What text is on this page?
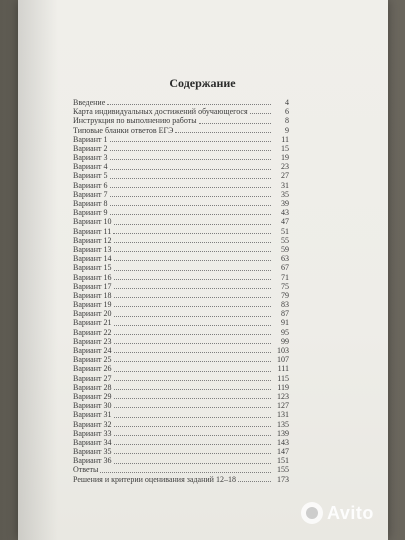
Содержание
Введение	4
Карта индивидуальных достижений обучающегося	6
Инструкция по выполнению работы	8
Типовые бланки ответов ЕГЭ	9
Вариант 1	11
Вариант 2	15
Вариант 3	19
Вариант 4	23
Вариант 5	27
Вариант 6	31
Вариант 7	35
Вариант 8	39
Вариант 9	43
Вариант 10	47
Вариант 11	51
Вариант 12	55
Вариант 13	59
Вариант 14	63
Вариант 15	67
Вариант 16	71
Вариант 17	75
Вариант 18	79
Вариант 19	83
Вариант 20	87
Вариант 21	91
Вариант 22	95
Вариант 23	99
Вариант 24	103
Вариант 25	107
Вариант 26	111
Вариант 27	115
Вариант 28	119
Вариант 29	123
Вариант 30	127
Вариант 31	131
Вариант 32	135
Вариант 33	139
Вариант 34	143
Вариант 35	147
Вариант 36	151
Ответы	155
Решения и критерии оценивания заданий 12–18	173
Avito
